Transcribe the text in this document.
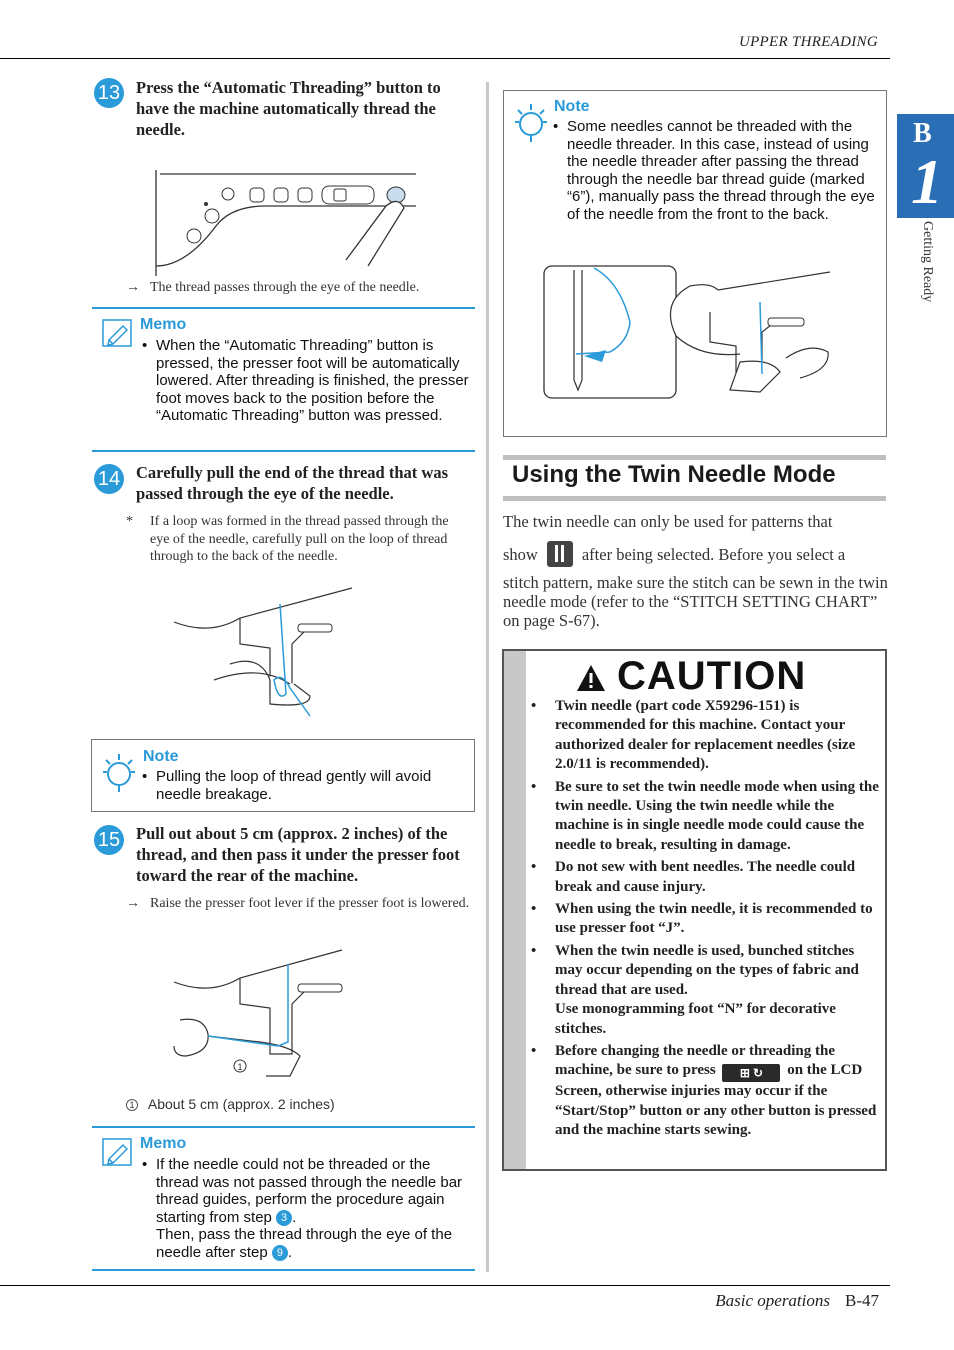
UPPER THREADING
B
1
Getting Ready
13 Press the “Automatic Threading” button to have the machine automatically thread the needle.
→ The thread passes through the eye of the needle.
Memo
• When the “Automatic Threading” button is pressed, the presser foot will be automatically lowered. After threading is finished, the presser foot moves back to the position before the “Automatic Threading” button was pressed.
14 Carefully pull the end of the thread that was passed through the eye of the needle.
* If a loop was formed in the thread passed through the eye of the needle, carefully pull on the loop of thread through to the back of the needle.
Note
• Pulling the loop of thread gently will avoid needle breakage.
15 Pull out about 5 cm (approx. 2 inches) of the thread, and then pass it under the presser foot toward the rear of the machine.
→ Raise the presser foot lever if the presser foot is lowered.
1
1 About 5 cm (approx. 2 inches)
Memo
• If the needle could not be threaded or the thread was not passed through the needle bar thread guides, perform the procedure again starting from step 3 .
Then, pass the thread through the eye of the needle after step 9 .
Note
• Some needles cannot be threaded with the needle threader. In this case, instead of using the needle threader after passing the thread through the needle bar thread guide (marked “6”), manually pass the thread through the eye of the needle from the front to the back.
Using the Twin Needle Mode
The twin needle can only be used for patterns that
show	after being selected. Before you select a
stitch pattern, make sure the stitch can be sewn in the twin needle mode (refer to the “STITCH SETTING CHART” on page S-67).
CAUTION
• Twin needle (part code X59296-151) is recommended for this machine. Contact your authorized dealer for replacement needles (size 2.0/11 is recommended).
• Be sure to set the twin needle mode when using the twin needle. Using the twin needle while the machine is in single needle mode could cause the needle to break, resulting in damage.
• Do not sew with bent needles. The needle could break and cause injury.
• When using the twin needle, it is recommended to use presser foot “J”.
• When the twin needle is used, bunched stitches may occur depending on the types of fabric and thread that are used.
Use monogramming foot “N” for decorative stitches.
• Before changing the needle or threading the machine, be sure to press ⊞ ↻ on the LCD Screen, otherwise injuries may occur if the “Start/Stop” button or any other button is pressed and the machine starts sewing.
Basic operations B-47
